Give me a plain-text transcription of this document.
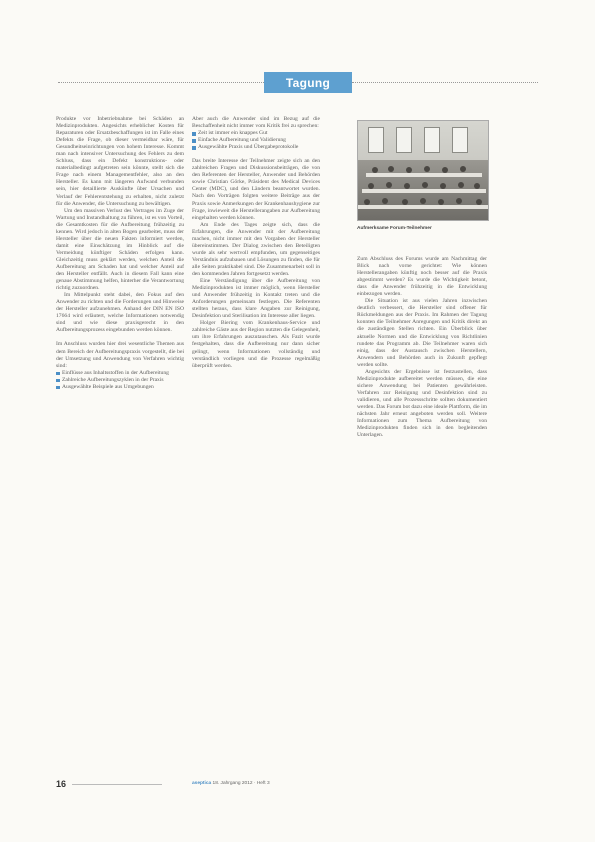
Tagung

Produkte vor Inbetriebnahme bei Schäden an Medizinprodukten. Angesichts erheblicher Kosten für Reparaturen oder Ersatzbeschaffungen ist im Falle eines Defekts die Frage, ob dieser vermeidbar wäre, für Gesundheitseinrichtungen von hohem Interesse. Kommt man nach intensiver Untersuchung des Fehlers zu dem Schluss, dass ein Defekt konstruktions- oder materialbedingt aufgetreten sein könnte, stellt sich die Frage nach einem Managementfehler, also an den Hersteller. Es kann mit längeren Aufwand verbunden sein, hier detaillierte Auskünfte über Ursachen und Verlauf der Fehlerentstehung zu erhalten, nicht zuletzt für die Anwender, die Untersuchung zu bewältigen.

Um den massiven Verlust des Vertrages im Zuge der Wartung und Instandhaltung zu führen, ist es von Vorteil, die Gesamtkosten für die Aufbereitung frühzeitig zu kennen. Wird jedoch in alten Bogen gearbeitet, muss der Hersteller über die neuen Fakten informiert werden, damit eine Einschätzung im Hinblick auf die Vermeidung künftiger Schäden erfolgen kann. Gleichzeitig muss geklärt werden, welchen Anteil die Aufbereitung am Schaden hat und welcher Anteil auf den Hersteller entfällt. Auch in diesem Fall kann eine genaue Abstimmung helfen, hinterher die Verantwortung richtig zuzuordnen.

Im Mittelpunkt steht dabei, den Fokus auf den Anwender zu richten und die Forderungen und Hinweise der Hersteller aufzunehmen. Anhand der DIN EN ISO 17664 wird erläutert, welche Informationen notwendig sind und wie diese praxisgerecht in den Aufbereitungsprozess eingebunden werden können.

Im Anschluss wurden hier drei wesentliche Themen aus dem Bereich der Aufbereitungspraxis vorgestellt, die bei der Umsetzung und Anwendung von Verfahren wichtig sind:

Einflüsse aus Inhaltsstoffen in der Aufbereitung
Zahlreiche Aufbereitungszyklen in der Praxis
Ausgewählte Beispiele aus Umgebungen

Aber auch die Anwender sind im Bezug auf die Beschaffenheit nicht immer vom Kritik frei zu sprechen:

Zeit ist immer ein knappes Gut
Einfache Aufbereitung und Validierung
Ausgewählte Praxis und Übergabeprotokolle

Das breite Interesse der Teilnehmer zeigte sich an den zahlreichen Fragen und Diskussionsbeiträgen, die von den Referenten der Hersteller, Anwender und Behörden sowie Christian Görke, Präsident des Medical Devices Center (MDC), und den Ländern beantwortet wurden. Nach den Vorträgen folgten weitere Beiträge aus der Praxis sowie Anmerkungen der Krankenhaushygiene zur Frage, inwieweit die Herstellerangaben zur Aufbereitung eingehalten werden können.

Am Ende des Tages zeigte sich, dass die Erfahrungen, die Anwender mit der Aufbereitung machen, nicht immer mit den Vorgaben der Hersteller übereinstimmen. Der Dialog zwischen den Beteiligten wurde als sehr wertvoll empfunden, um gegenseitiges Verständnis aufzubauen und Lösungen zu finden, die für alle Seiten praktikabel sind. Die Zusammenarbeit soll in den kommenden Jahren fortgesetzt werden.

Eine Verständigung über die Aufbereitung von Medizinprodukten ist immer möglich, wenn Hersteller und Anwender frühzeitig in Kontakt treten und die Anforderungen gemeinsam festlegen. Die Referenten stellten heraus, dass klare Angaben zur Reinigung, Desinfektion und Sterilisation im Interesse aller liegen.

Holger Biering vom Krankenhaus-Service und zahlreiche Gäste aus der Region nutzten die Gelegenheit, um ihre Erfahrungen auszutauschen. Als Fazit wurde festgehalten, dass die Aufbereitung nur dann sicher gelingt, wenn Informationen vollständig und verständlich vorliegen und die Prozesse regelmäßig überprüft werden.

Aufmerksame Forum-Teilnehmer

Zum Abschluss des Forums wurde am Nachmittag der Blick nach vorne gerichtet: Wie können Herstellerangaben künftig noch besser auf die Praxis abgestimmt werden? Es wurde die Wichtigkeit betont, dass die Anwender frühzeitig in die Entwicklung einbezogen werden.

Die Situation ist aus vielen Jahren inzwischen deutlich verbessert, die Hersteller sind offener für Rückmeldungen aus der Praxis. Im Rahmen der Tagung konnten die Teilnehmer Anregungen und Kritik direkt an die zuständigen Stellen richten. Ein Überblick über aktuelle Normen und die Entwicklung von Richtlinien rundete das Programm ab. Die Teilnehmer waren sich einig, dass der Austausch zwischen Herstellern, Anwendern und Behörden auch in Zukunft gepflegt werden sollte.

Angesichts der Ergebnisse ist festzustellen, dass Medizinprodukte aufbereitet werden müssen, die eine sichere Anwendung bei Patienten gewährleisten. Verfahren zur Reinigung und Desinfektion sind zu validieren, und alle Prozessschritte sollten dokumentiert werden. Das Forum bot dazu eine ideale Plattform, die im nächsten Jahr erneut angeboten werden soll. Weitere Informationen zum Thema Aufbereitung von Medizinprodukten finden sich in den begleitenden Unterlagen.

16	aseptica 18. Jahrgang 2012 · Heft 3
